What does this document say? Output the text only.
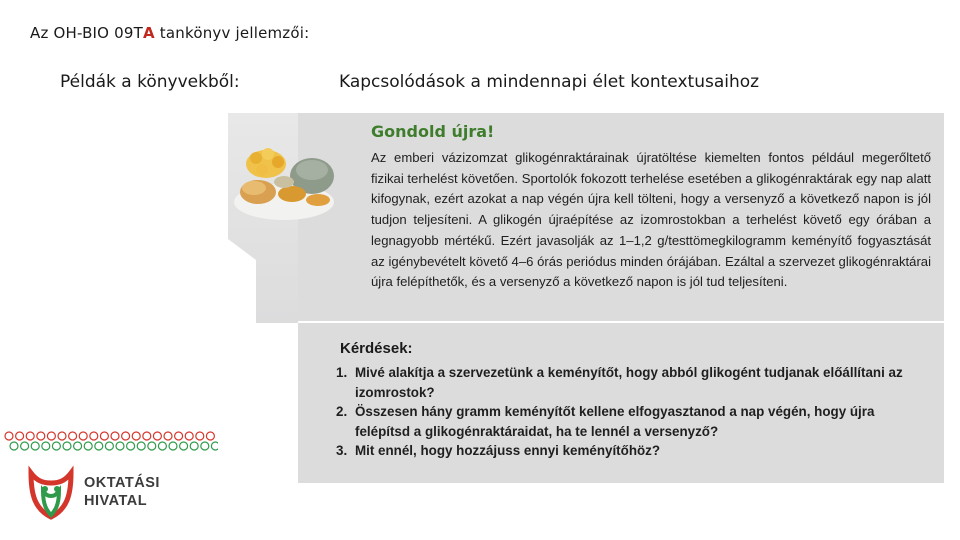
Az OH-BIO 09TA tankönyv jellemzői:
Példák a könyvekből:	Kapcsolódások a mindennapi élet kontextusaihoz
Gondold újra!
Az emberi vázizomzat glikogénraktárainak újratöltése kiemelten fontos például megerőltető fizikai terhelést követően. Sportolók fokozott terhelése esetében a glikogénraktárak egy nap alatt kifogynak, ezért azokat a nap végén újra kell tölteni, hogy a versenyző a következő napon is jól tudjon teljesíteni. A glikogén újraépítése az izomrostokban a terhelést követő egy órában a legnagyobb mértékű. Ezért javasolják az 1–1,2 g/testtömegkilogramm keményítő fogyasztását az igénybevételt követő 4–6 órás periódus minden órájában. Ezáltal a szervezet glikogénraktárai újra felépíthetők, és a versenyző a következő napon is jól tud teljesíteni.
Kérdések:
1. Mivé alakítja a szervezetünk a keményítőt, hogy abból glikogént tudjanak előállítani az izomrostok?
2. Összesen hány gramm keményítőt kellene elfogyasztanod a nap végén, hogy újra felépítsd a glikogénraktáraidat, ha te lennél a versenyző?
3. Mit ennél, hogy hozzájuss ennyi keményítőhöz?
OKTATÁSI
HIVATAL
